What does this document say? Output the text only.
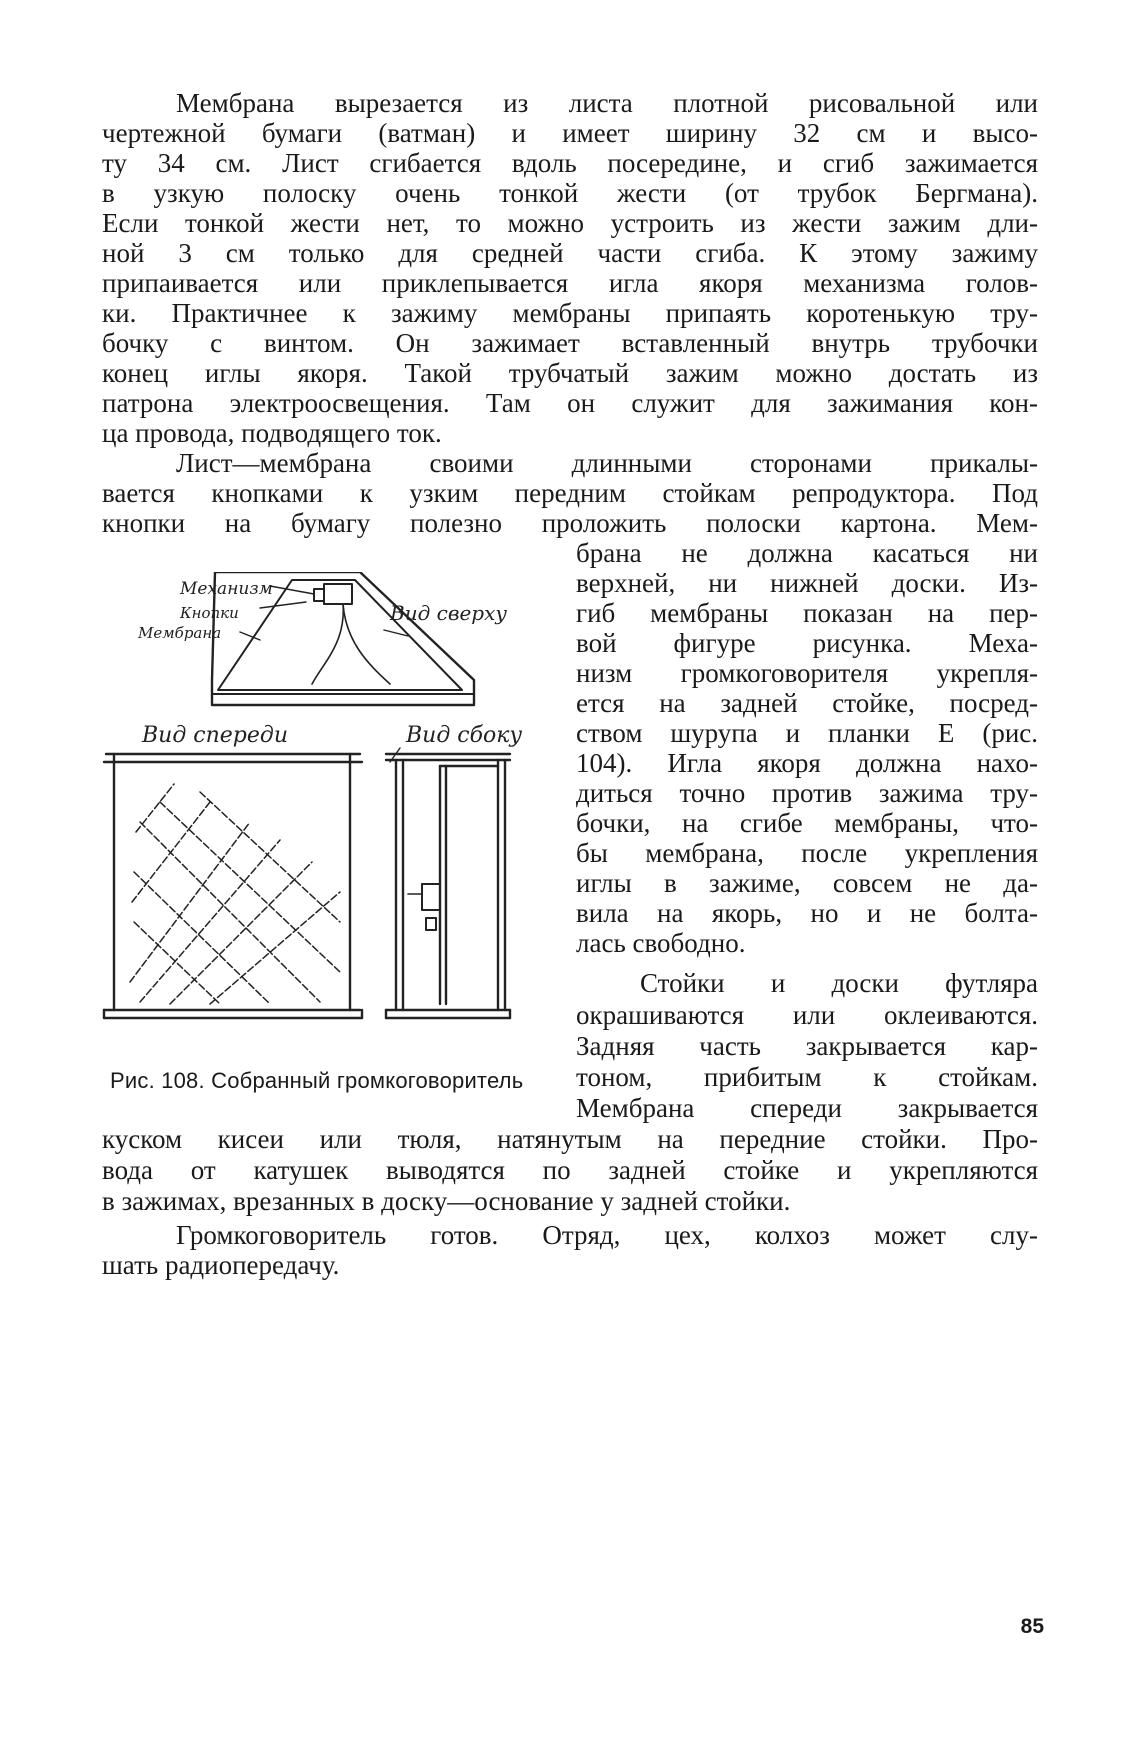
Мембрана вырезается из листа плотной рисовальной или
чертежной бумаги (ватман) и имеет ширину 32 см и высо-
ту 34 см. Лист сгибается вдоль посередине, и сгиб зажимается
в узкую полоску очень тонкой жести (от трубок Бергмана).
Если тонкой жести нет, то можно устроить из жести зажим дли-
ной 3 см только для средней части сгиба. К этому зажиму
припаивается или приклепывается игла якоря механизма голов-
ки. Практичнее к зажиму мембраны припаять коротенькую тру-
бочку с винтом. Он зажимает вставленный внутрь трубочки
конец иглы якоря. Такой трубчатый зажим можно достать из
патрона электроосвещения. Там он служит для зажимания кон-
ца провода, подводящего ток.
Лист—мембрана своими длинными сторонами прикалы-
вается кнопками к узким передним стойкам репродуктора. Под
кнопки на бумагу полезно проложить полоски картона. Мем-
брана не должна касаться ни
верхней, ни нижней доски. Из-
гиб мембраны показан на пер-
вой фигуре рисунка. Меха-
низм громкоговорителя укрепля-
ется на задней стойке, посред-
ством шурупа и планки Е (рис.
104). Игла якоря должна нахо-
диться точно против зажима тру-
бочки, на сгибе мембраны, что-
бы мембрана, после укрепления
иглы в зажиме, совсем не да-
вила на якорь, но и не болта-
лась свободно.
Стойки и доски футляра
окрашиваются или оклеиваются.
Задняя часть закрывается кар-
тоном, прибитым к стойкам.
Мембрана спереди закрывается
куском кисеи или тюля, натянутым на передние стойки. Про-
вода от катушек выводятся по задней стойке и укрепляются
в зажимах, врезанных в доску—основание у задней стойки.
Громкоговоритель готов. Отряд, цех, колхоз может слу-
шать радиопередачу.
Механизм
Кнопки
Мембрана
Вид сверху
Вид спереди	Вид сбоку
Рис. 108. Собранный громкоговоритель
85
